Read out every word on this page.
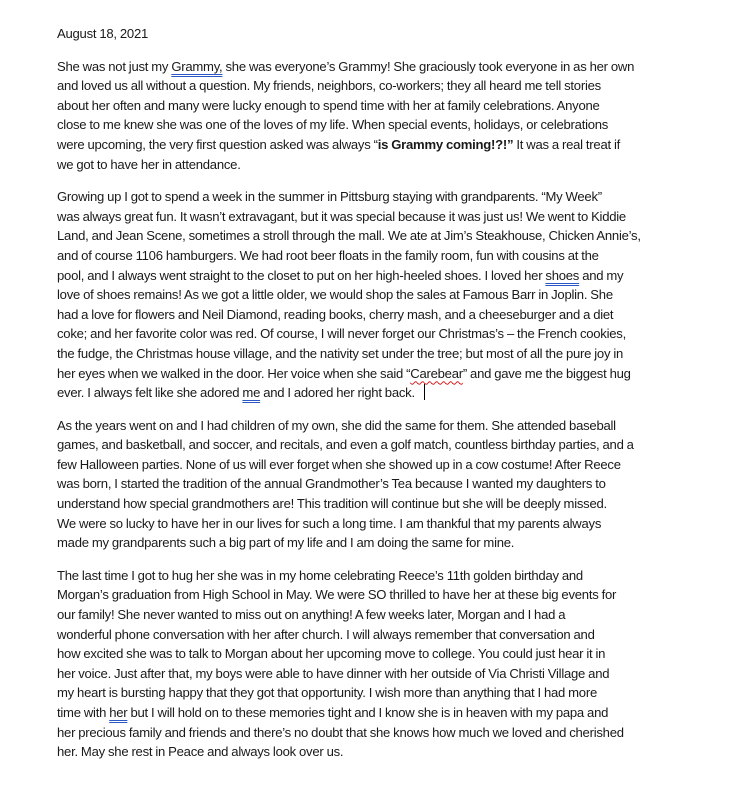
August 18, 2021
She was not just my Grammy, she was everyone’s Grammy! She graciously took everyone in as her own
and loved us all without a question. My friends, neighbors, co-workers; they all heard me tell stories
about her often and many were lucky enough to spend time with her at family celebrations. Anyone
close to me knew she was one of the loves of my life. When special events, holidays, or celebrations
were upcoming, the very first question asked was always “is Grammy coming!?!” It was a real treat if
we got to have her in attendance.
Growing up I got to spend a week in the summer in Pittsburg staying with grandparents. “My Week”
was always great fun. It wasn’t extravagant, but it was special because it was just us! We went to Kiddie
Land, and Jean Scene, sometimes a stroll through the mall. We ate at Jim’s Steakhouse, Chicken Annie’s,
and of course 1106 hamburgers. We had root beer floats in the family room, fun with cousins at the
pool, and I always went straight to the closet to put on her high-heeled shoes. I loved her shoes and my
love of shoes remains! As we got a little older, we would shop the sales at Famous Barr in Joplin. She
had a love for flowers and Neil Diamond, reading books, cherry mash, and a cheeseburger and a diet
coke; and her favorite color was red. Of course, I will never forget our Christmas’s – the French cookies,
the fudge, the Christmas house village, and the nativity set under the tree; but most of all the pure joy in
her eyes when we walked in the door. Her voice when she said “Carebear” and gave me the biggest hug
ever. I always felt like she adored me and I adored her right back.
As the years went on and I had children of my own, she did the same for them. She attended baseball
games, and basketball, and soccer, and recitals, and even a golf match, countless birthday parties, and a
few Halloween parties. None of us will ever forget when she showed up in a cow costume! After Reece
was born, I started the tradition of the annual Grandmother’s Tea because I wanted my daughters to
understand how special grandmothers are! This tradition will continue but she will be deeply missed.
We were so lucky to have her in our lives for such a long time. I am thankful that my parents always
made my grandparents such a big part of my life and I am doing the same for mine.
The last time I got to hug her she was in my home celebrating Reece’s 11th golden birthday and
Morgan’s graduation from High School in May. We were SO thrilled to have her at these big events for
our family! She never wanted to miss out on anything! A few weeks later, Morgan and I had a
wonderful phone conversation with her after church. I will always remember that conversation and
how excited she was to talk to Morgan about her upcoming move to college. You could just hear it in
her voice. Just after that, my boys were able to have dinner with her outside of Via Christi Village and
my heart is bursting happy that they got that opportunity. I wish more than anything that I had more
time with her but I will hold on to these memories tight and I know she is in heaven with my papa and
her precious family and friends and there’s no doubt that she knows how much we loved and cherished
her. May she rest in Peace and always look over us.
